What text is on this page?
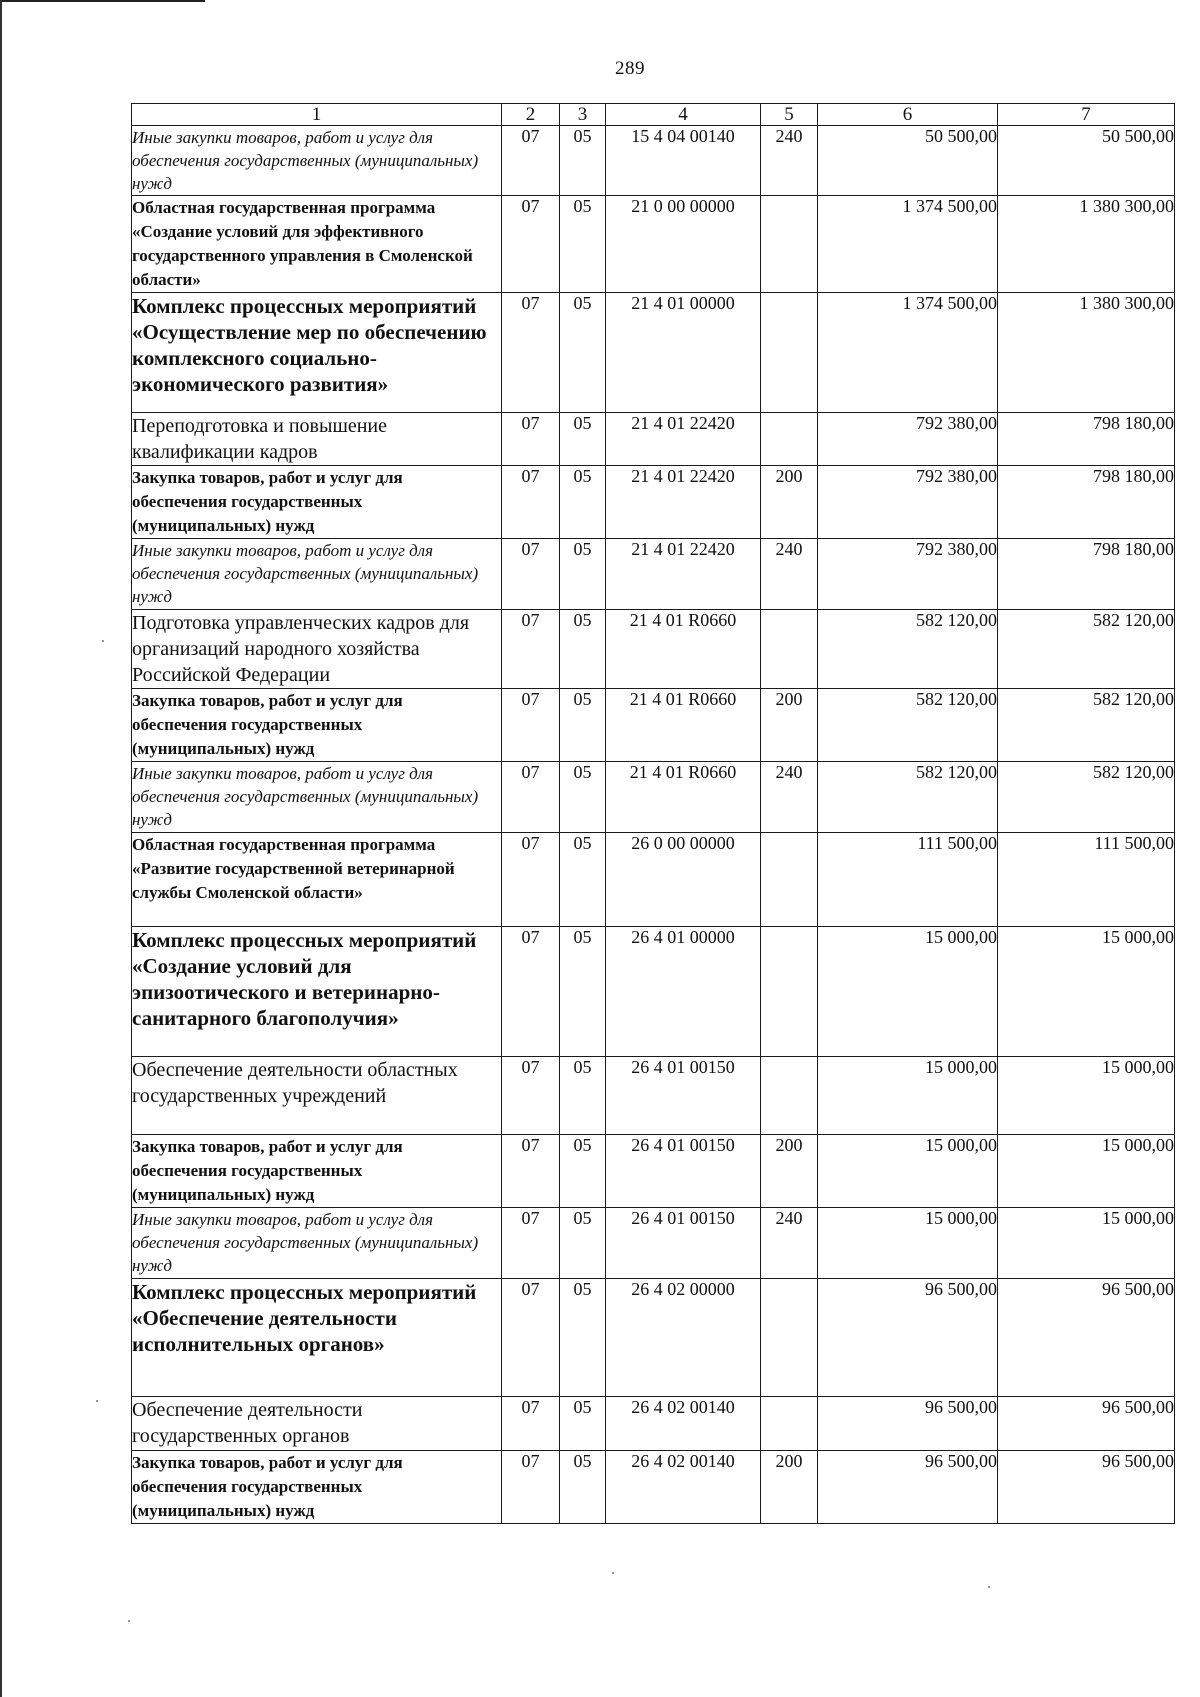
289
1	2	3	4	5	6	7
Иные закупки товаров, работ и услуг для обеспечения государственных (муниципальных) нужд	07	05	15 4 04 00140	240	50 500,00	50 500,00
Областная государственная программа «Создание условий для эффективного государственного управления в Смоленской области»	07	05	21 0 00 00000		1 374 500,00	1 380 300,00
Комплекс процессных мероприятий «Осуществление мер по обеспечению комплексного социально-экономического развития»	07	05	21 4 01 00000		1 374 500,00	1 380 300,00
Переподготовка и повышение квалификации кадров	07	05	21 4 01 22420		792 380,00	798 180,00
Закупка товаров, работ и услуг для обеспечения государственных (муниципальных) нужд	07	05	21 4 01 22420	200	792 380,00	798 180,00
Иные закупки товаров, работ и услуг для обеспечения государственных (муниципальных) нужд	07	05	21 4 01 22420	240	792 380,00	798 180,00
Подготовка управленческих кадров для организаций народного хозяйства Российской Федерации	07	05	21 4 01 R0660		582 120,00	582 120,00
Закупка товаров, работ и услуг для обеспечения государственных (муниципальных) нужд	07	05	21 4 01 R0660	200	582 120,00	582 120,00
Иные закупки товаров, работ и услуг для обеспечения государственных (муниципальных) нужд	07	05	21 4 01 R0660	240	582 120,00	582 120,00
Областная государственная программа «Развитие государственной ветеринарной службы Смоленской области»	07	05	26 0 00 00000		111 500,00	111 500,00
Комплекс процессных мероприятий «Создание условий для эпизоотического и ветеринарно-санитарного благополучия»	07	05	26 4 01 00000		15 000,00	15 000,00
Обеспечение деятельности областных государственных учреждений	07	05	26 4 01 00150		15 000,00	15 000,00
Закупка товаров, работ и услуг для обеспечения государственных (муниципальных) нужд	07	05	26 4 01 00150	200	15 000,00	15 000,00
Иные закупки товаров, работ и услуг для обеспечения государственных (муниципальных) нужд	07	05	26 4 01 00150	240	15 000,00	15 000,00
Комплекс процессных мероприятий «Обеспечение деятельности исполнительных органов»	07	05	26 4 02 00000		96 500,00	96 500,00
Обеспечение деятельности государственных органов	07	05	26 4 02 00140		96 500,00	96 500,00
Закупка товаров, работ и услуг для обеспечения государственных (муниципальных) нужд	07	05	26 4 02 00140	200	96 500,00	96 500,00
